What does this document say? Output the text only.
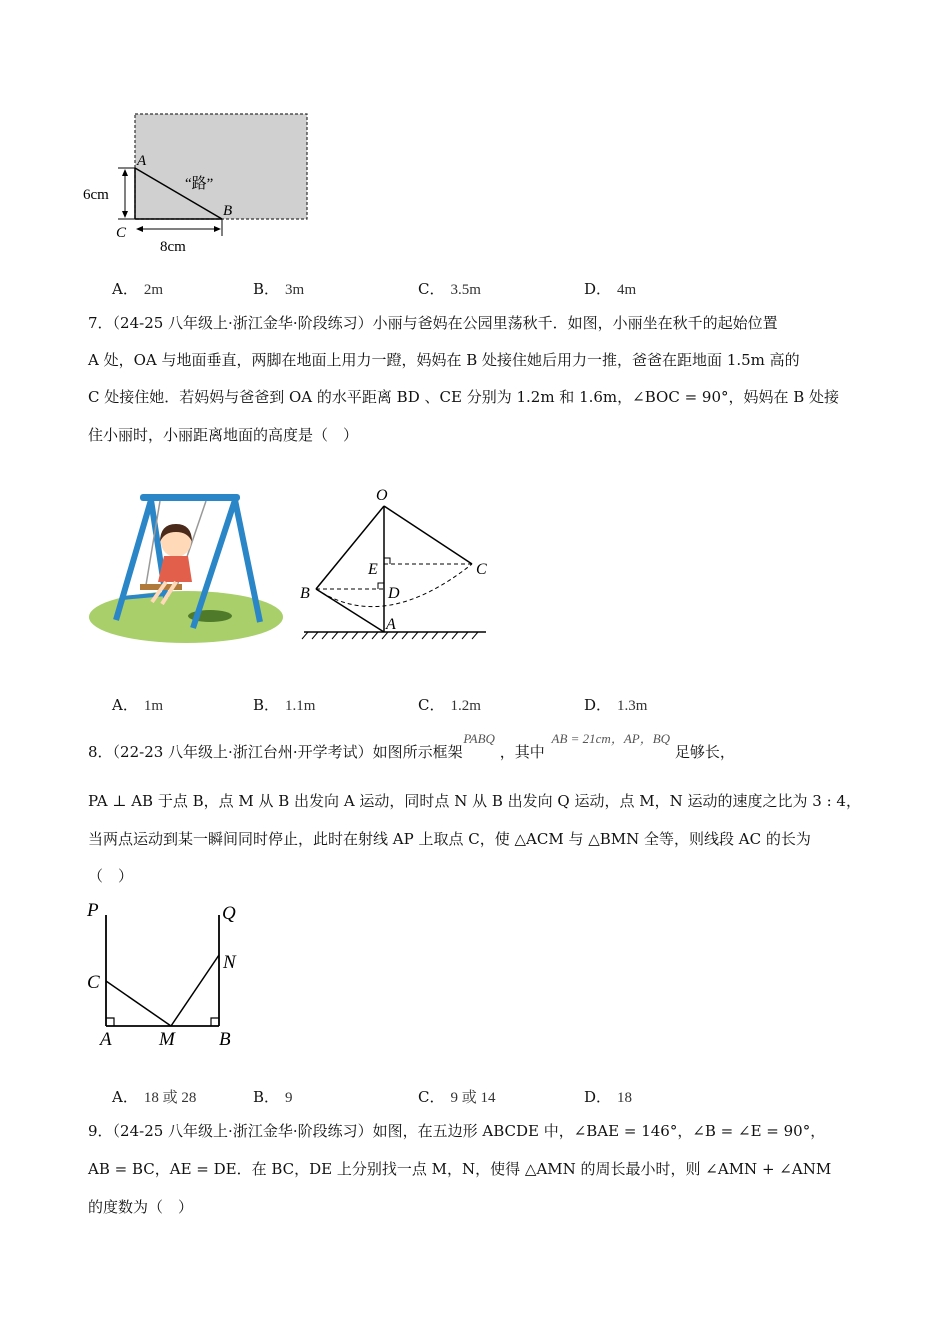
A
B
C
“路”
6cm
8cm
A． 2m	B． 3m	C． 3.5m	D． 4m
7．（24-25 八年级上·浙江金华·阶段练习）小丽与爸妈在公园里荡秋千．如图，小丽坐在秋千的起始位置
A 处，OA 与地面垂直，两脚在地面上用力一蹬，妈妈在 B 处接住她后用力一推，爸爸在距地面 1.5m 高的
C 处接住她．若妈妈与爸爸到 OA 的水平距离 BD 、CE 分别为 1.2m 和 1.6m，∠BOC = 90°，妈妈在 B 处接
住小丽时，小丽距离地面的高度是（　）
O
E	C
B	D
A
A． 1m	B． 1.1m	C． 1.2m	D． 1.3m
8．（22-23 八年级上·浙江台州·开学考试）如图所示框架 PABQ ，其中 AB = 21cm，AP，BQ 足够长，
PA ⊥ AB 于点 B，点 M 从 B 出发向 A 运动，同时点 N 从 B 出发向 Q 运动，点 M，N 运动的速度之比为 3 : 4，
当两点运动到某一瞬间同时停止，此时在射线 AP 上取点 C，使 △ACM 与 △BMN 全等，则线段 AC 的长为
（　）
P	Q
C
N
A M B
A． 18 或 28	B． 9	C． 9 或 14	D． 18
9．（24-25 八年级上·浙江金华·阶段练习）如图，在五边形 ABCDE 中，∠BAE = 146°，∠B = ∠E = 90°，
AB = BC，AE = DE．在 BC，DE 上分别找一点 M，N，使得 △AMN 的周长最小时，则 ∠AMN + ∠ANM
的度数为（　）
